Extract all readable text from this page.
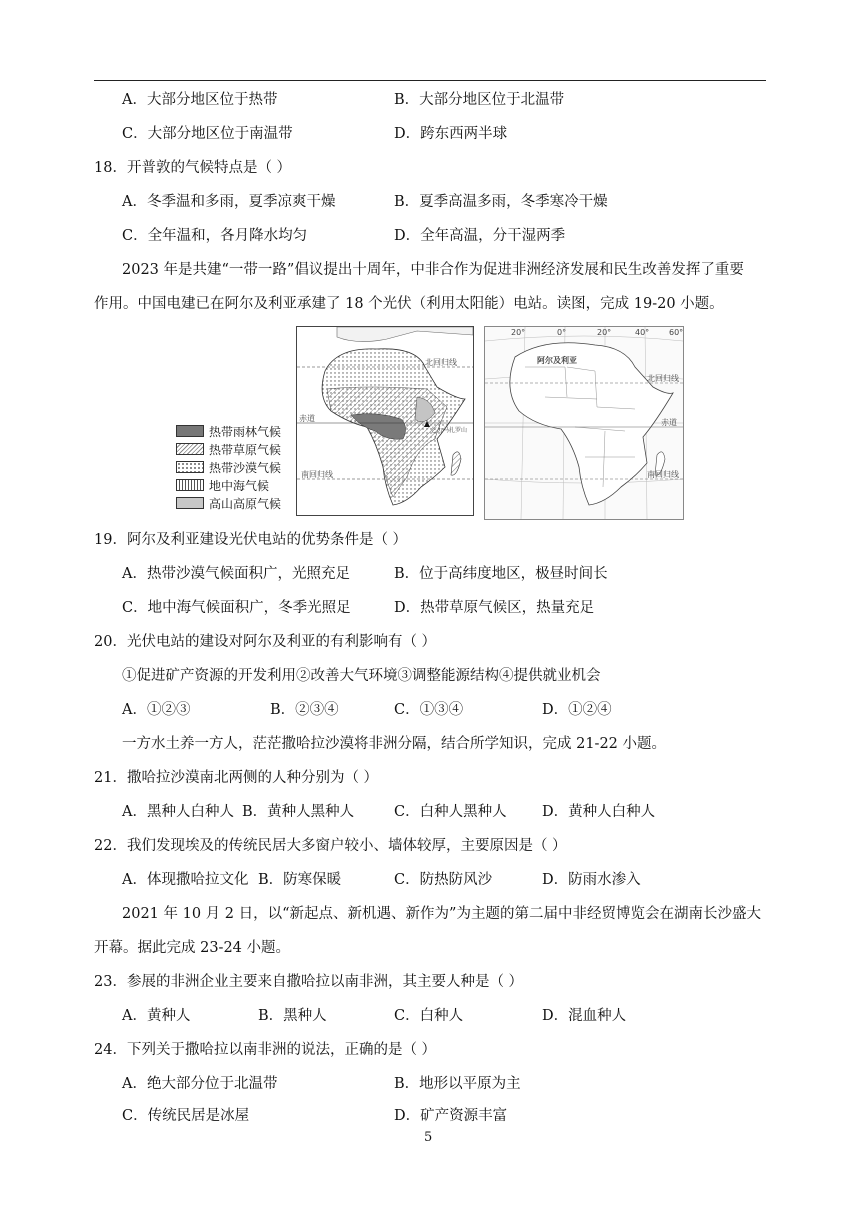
A．大部分地区位于热带	B．大部分地区位于北温带
C．大部分地区位于南温带	D．跨东西两半球
18．开普敦的气候特点是（ ）
A．冬季温和多雨，夏季凉爽干燥	B．夏季高温多雨，冬季寒冷干燥
C．全年温和，各月降水均匀	D．全年高温，分干湿两季
2023 年是共建“一带一路”倡议提出十周年，中非合作为促进非洲经济发展和民生改善发挥了重要
作用。中国电建已在阿尔及利亚承建了 18 个光伏（利用太阳能）电站。读图，完成 19-20 小题。
热带雨林气候
热带草原气候
热带沙漠气候
地中海气候
高山高原气候
北回归线
赤道
南回归线
乞力马扎罗山
阿尔及利亚
北回归线
赤道
南回归线
20°	0°	20°	40° 60°
19．阿尔及利亚建设光伏电站的优势条件是（ ）
A．热带沙漠气候面积广，光照充足	B．位于高纬度地区，极昼时间长
C．地中海气候面积广，冬季光照足	D．热带草原气候区，热量充足
20．光伏电站的建设对阿尔及利亚的有利影响有（ ）
①促进矿产资源的开发利用②改善大气环境③调整能源结构④提供就业机会
A．①②③	B．②③④	C．①③④	D．①②④
一方水土养一方人，茫茫撒哈拉沙漠将非洲分隔，结合所学知识，完成 21-22 小题。
21．撒哈拉沙漠南北两侧的人种分别为（ ）
A．黑种人白种人 B．黄种人黑种人	C．白种人黑种人 D．黄种人白种人
22．我们发现埃及的传统民居大多窗户较小、墙体较厚，主要原因是（ ）
A．体现撒哈拉文化 B．防寒保暖	C．防热防风沙	D．防雨水渗入
2021 年 10 月 2 日，以“新起点、新机遇、新作为”为主题的第二届中非经贸博览会在湖南长沙盛大
开幕。据此完成 23-24 小题。
23．参展的非洲企业主要来自撒哈拉以南非洲，其主要人种是（ ）
A．黄种人	B．黑种人	C．白种人	D．混血种人
24．下列关于撒哈拉以南非洲的说法，正确的是（ ）
A．绝大部分位于北温带	B．地形以平原为主
C．传统民居是冰屋	D．矿产资源丰富
5
